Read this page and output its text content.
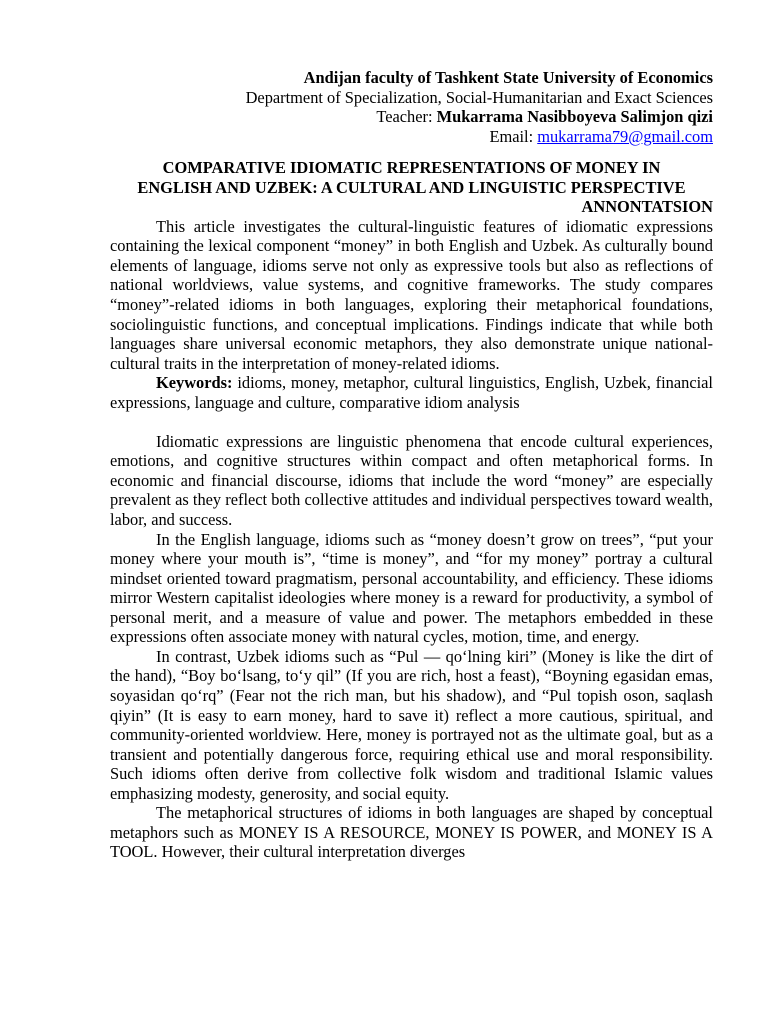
Andijan faculty of Tashkent State University of Economics
Department of Specialization, Social-Humanitarian and Exact Sciences
Teacher: Mukarrama Nasibboyeva Salimjon qizi
Email: mukarrama79@gmail.com
COMPARATIVE IDIOMATIC REPRESENTATIONS OF MONEY IN ENGLISH AND UZBEK: A CULTURAL AND LINGUISTIC PERSPECTIVE
ANNONTATSION

This article investigates the cultural-linguistic features of idiomatic expressions containing the lexical component “money” in both English and Uzbek. As culturally bound elements of language, idioms serve not only as expressive tools but also as reflections of national worldviews, value systems, and cognitive frameworks. The study compares “money”-related idioms in both languages, exploring their metaphorical foundations, sociolinguistic functions, and conceptual implications. Findings indicate that while both languages share universal economic metaphors, they also demonstrate unique national-cultural traits in the interpretation of money-related idioms.

Keywords: idioms, money, metaphor, cultural linguistics, English, Uzbek, financial expressions, language and culture, comparative idiom analysis

Idiomatic expressions are linguistic phenomena that encode cultural experiences, emotions, and cognitive structures within compact and often metaphorical forms. In economic and financial discourse, idioms that include the word “money” are especially prevalent as they reflect both collective attitudes and individual perspectives toward wealth, labor, and success.

In the English language, idioms such as “money doesn’t grow on trees”, “put your money where your mouth is”, “time is money”, and “for my money” portray a cultural mindset oriented toward pragmatism, personal accountability, and efficiency. These idioms mirror Western capitalist ideologies where money is a reward for productivity, a symbol of personal merit, and a measure of value and power. The metaphors embedded in these expressions often associate money with natural cycles, motion, time, and energy.

In contrast, Uzbek idioms such as “Pul — qo‘lning kiri” (Money is like the dirt of the hand), “Boy bo‘lsang, to‘y qil” (If you are rich, host a feast), “Boyning egasidan emas, soyasidan qo‘rq” (Fear not the rich man, but his shadow), and “Pul topish oson, saqlash qiyin” (It is easy to earn money, hard to save it) reflect a more cautious, spiritual, and community-oriented worldview. Here, money is portrayed not as the ultimate goal, but as a transient and potentially dangerous force, requiring ethical use and moral responsibility. Such idioms often derive from collective folk wisdom and traditional Islamic values emphasizing modesty, generosity, and social equity.

The metaphorical structures of idioms in both languages are shaped by conceptual metaphors such as MONEY IS A RESOURCE, MONEY IS POWER, and MONEY IS A TOOL. However, their cultural interpretation diverges
